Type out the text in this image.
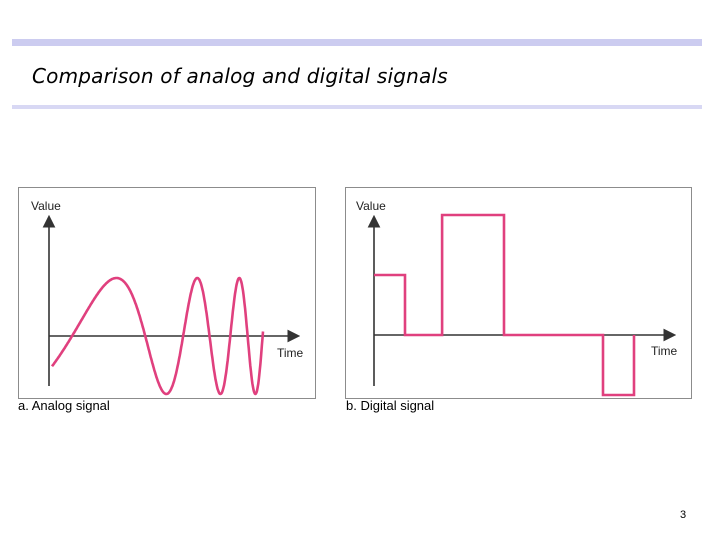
Comparison of analog and digital signals
Value
Time
a. Analog signal
Value
Time
b. Digital signal
3
